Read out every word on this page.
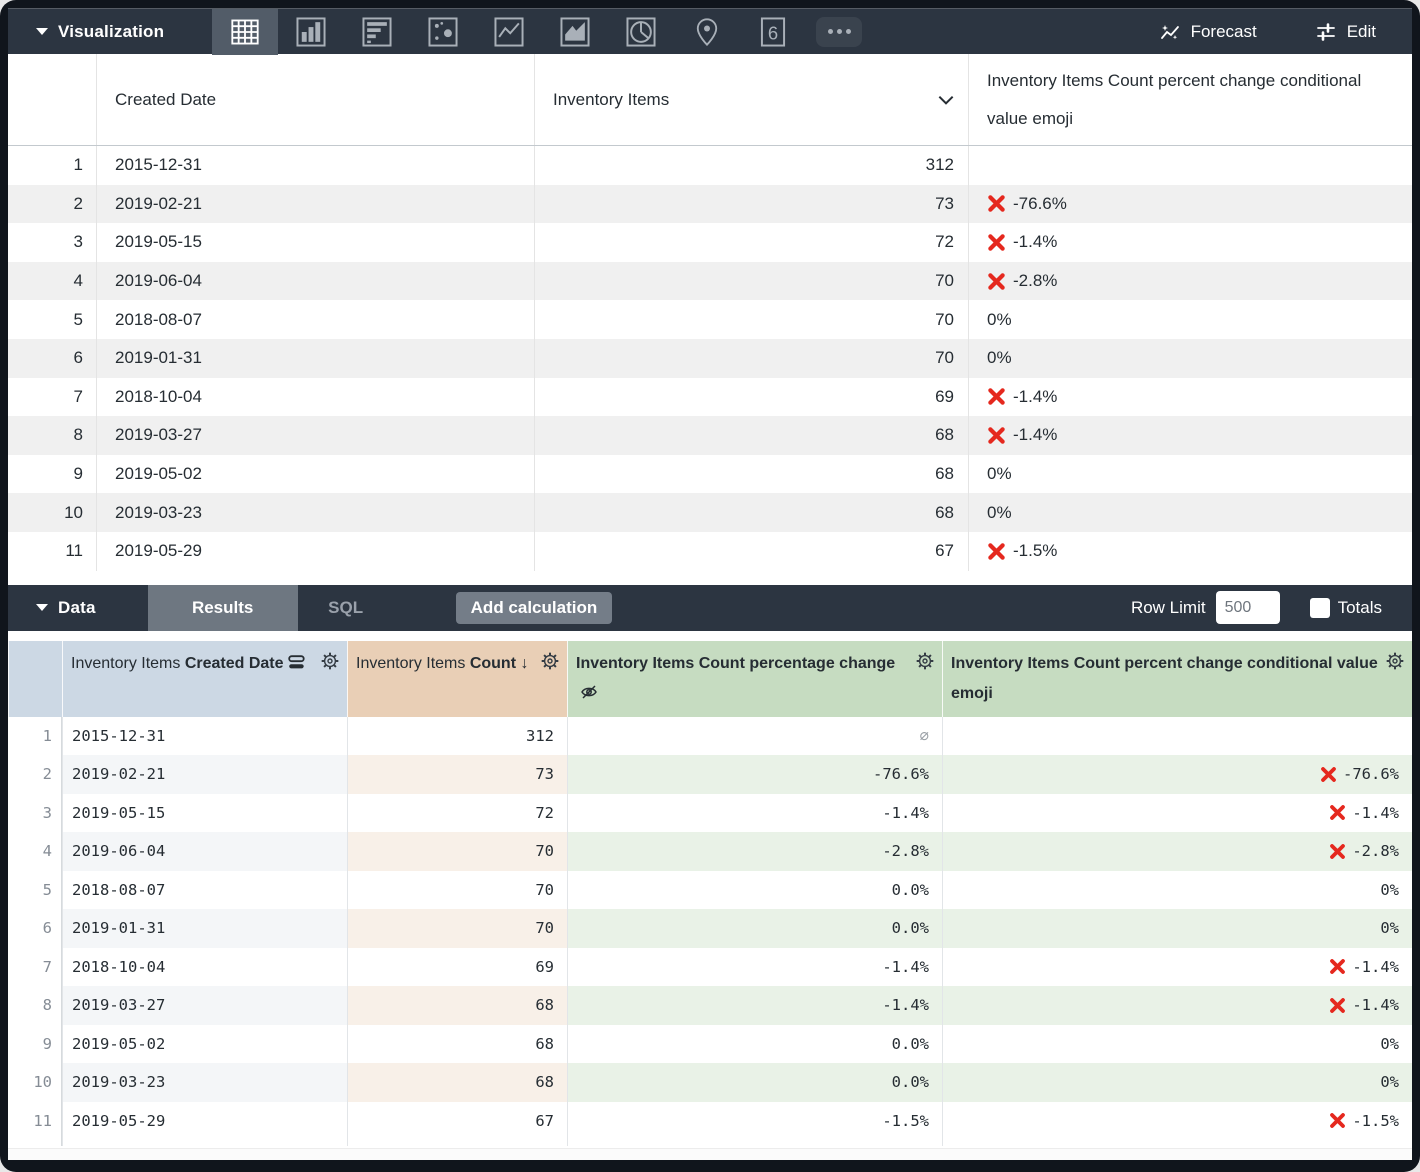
Visualization	6	Forecast	Edit
Created Date	Inventory Items
Inventory Items Count percent change conditional value emoji
1	2015-12-31	312
2	2019-02-21	73	-76.6%
3	2019-05-15	72	-1.4%
4	2019-06-04	70	-2.8%
5	2018-08-07	70	0%
6	2019-01-31	70	0%
7	2018-10-04	69	-1.4%
8	2019-03-27	68	-1.4%
9	2019-05-02	68	0%
10	2019-03-23	68	0%
11	2019-05-29	67	-1.5%
Data	Results	SQL	Add calculation	Row Limit
500	Totals
Inventory Items Created Date	Inventory Items Count ↓	Inventory Items Count percentage change	Inventory Items Count percent change conditional value emoji
1	2015-12-31	312	∅
2	2019-02-21	73	-76.6%	-76.6%
3	2019-05-15	72	-1.4%	-1.4%
4	2019-06-04	70	-2.8%	-2.8%
5	2018-08-07	70	0.0%	0%
6	2019-01-31	70	0.0%	0%
7	2018-10-04	69	-1.4%	-1.4%
8	2019-03-27	68	-1.4%	-1.4%
9	2019-05-02	68	0.0%	0%
10	2019-03-23	68	0.0%	0%
11	2019-05-29	67	-1.5%	-1.5%
